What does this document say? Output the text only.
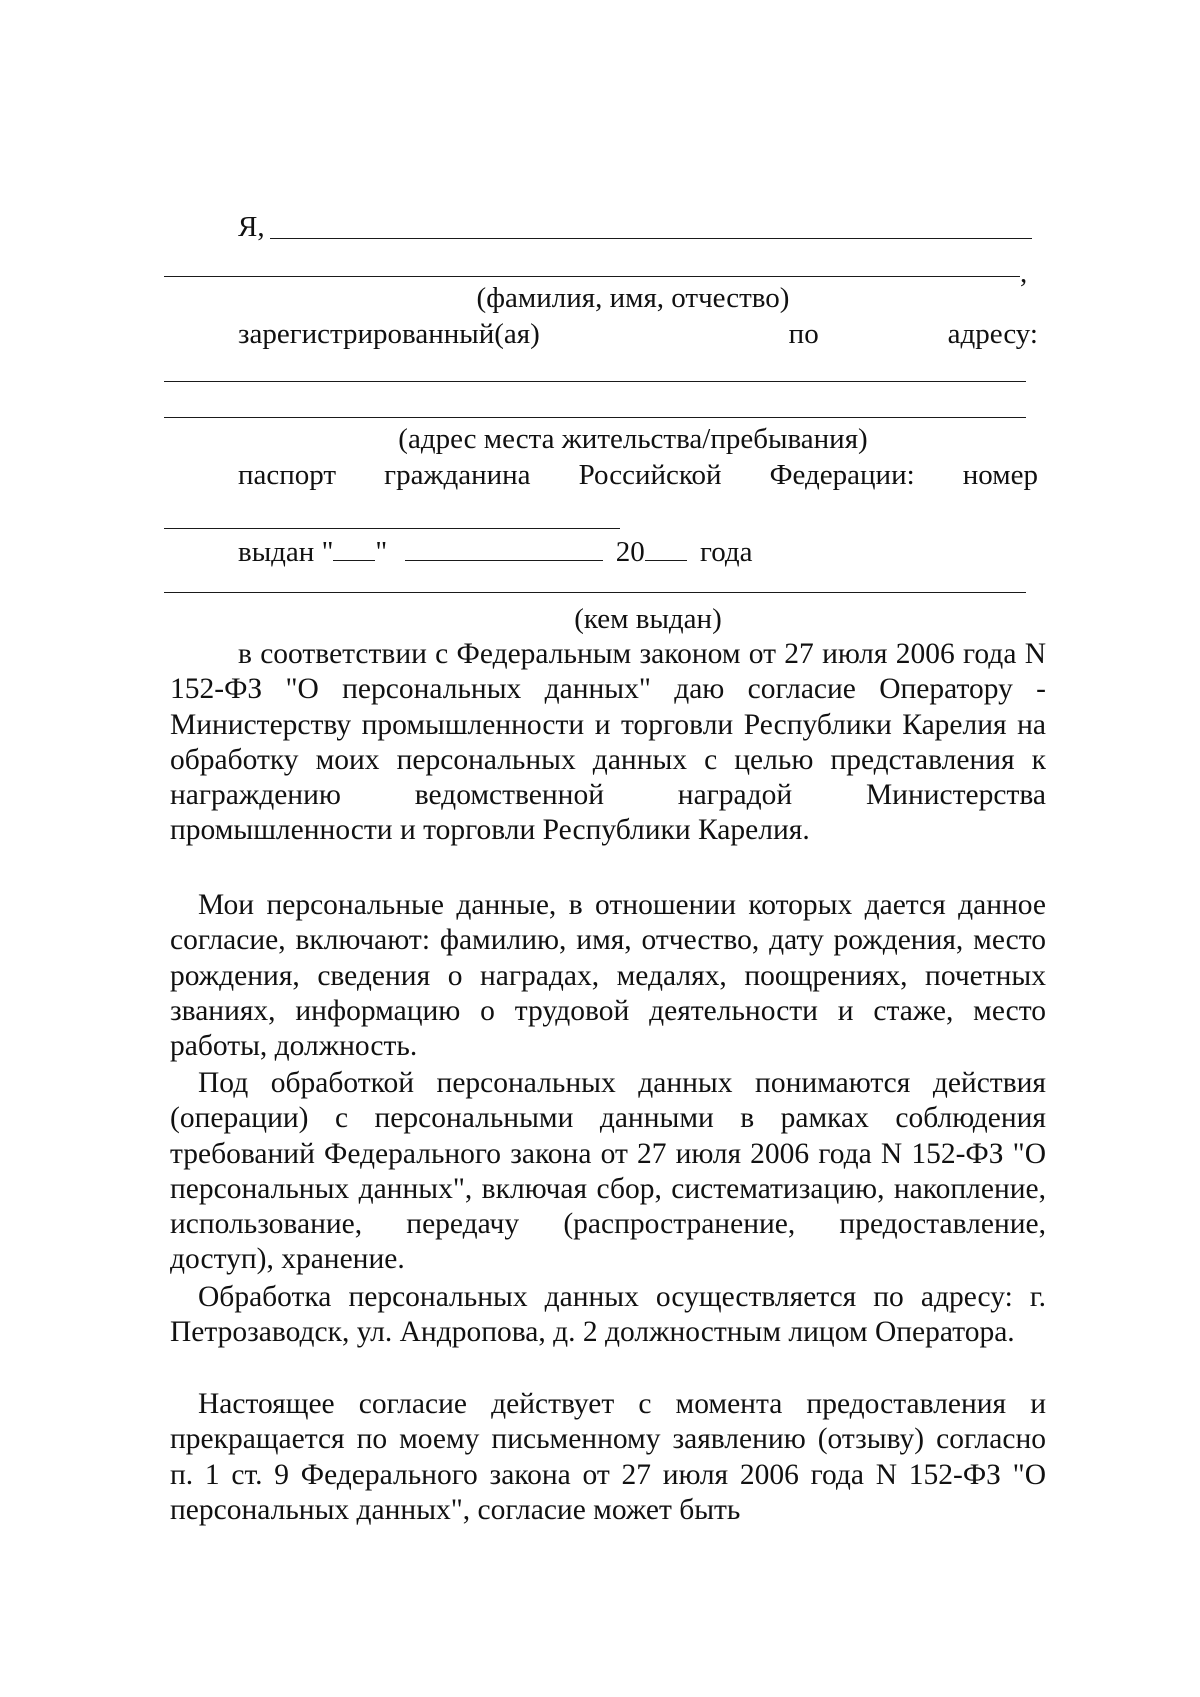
Я,
,
(фамилия, имя, отчество)
зарегистрированный(ая)	по	адресу:
(адрес места жительства/пребывания)
паспорт гражданина Российской Федерации: номер
выдан " "	20 года
(кем выдан)

в соответствии с Федеральным законом от 27 июля 2006 года N 152-ФЗ "О персональных данных" даю согласие Оператору - Министерству промышленности и торговли Республики Карелия на обработку моих персональных данных с целью представления к награждению ведомственной наградой Министерства промышленности и торговли Республики Карелия.

Мои персональные данные, в отношении которых дается данное согласие, включают: фамилию, имя, отчество, дату рождения, место рождения, сведения о наградах, медалях, поощрениях, почетных званиях, информацию о трудовой деятельности и стаже, место работы, должность.

Под обработкой персональных данных понимаются действия (операции) с персональными данными в рамках соблюдения требований Федерального закона от 27 июля 2006 года N 152-ФЗ "О персональных данных", включая сбор, систематизацию, накопление, использование, передачу (распространение, предоставление, доступ), хранение.

Обработка персональных данных осуществляется по адресу: г. Петрозаводск, ул. Андропова, д. 2 должностным лицом Оператора.

Настоящее согласие действует с момента предоставления и прекращается по моему письменному заявлению (отзыву) согласно п. 1 ст. 9 Федерального закона от 27 июля 2006 года N 152-ФЗ "О персональных данных", согласие может быть
